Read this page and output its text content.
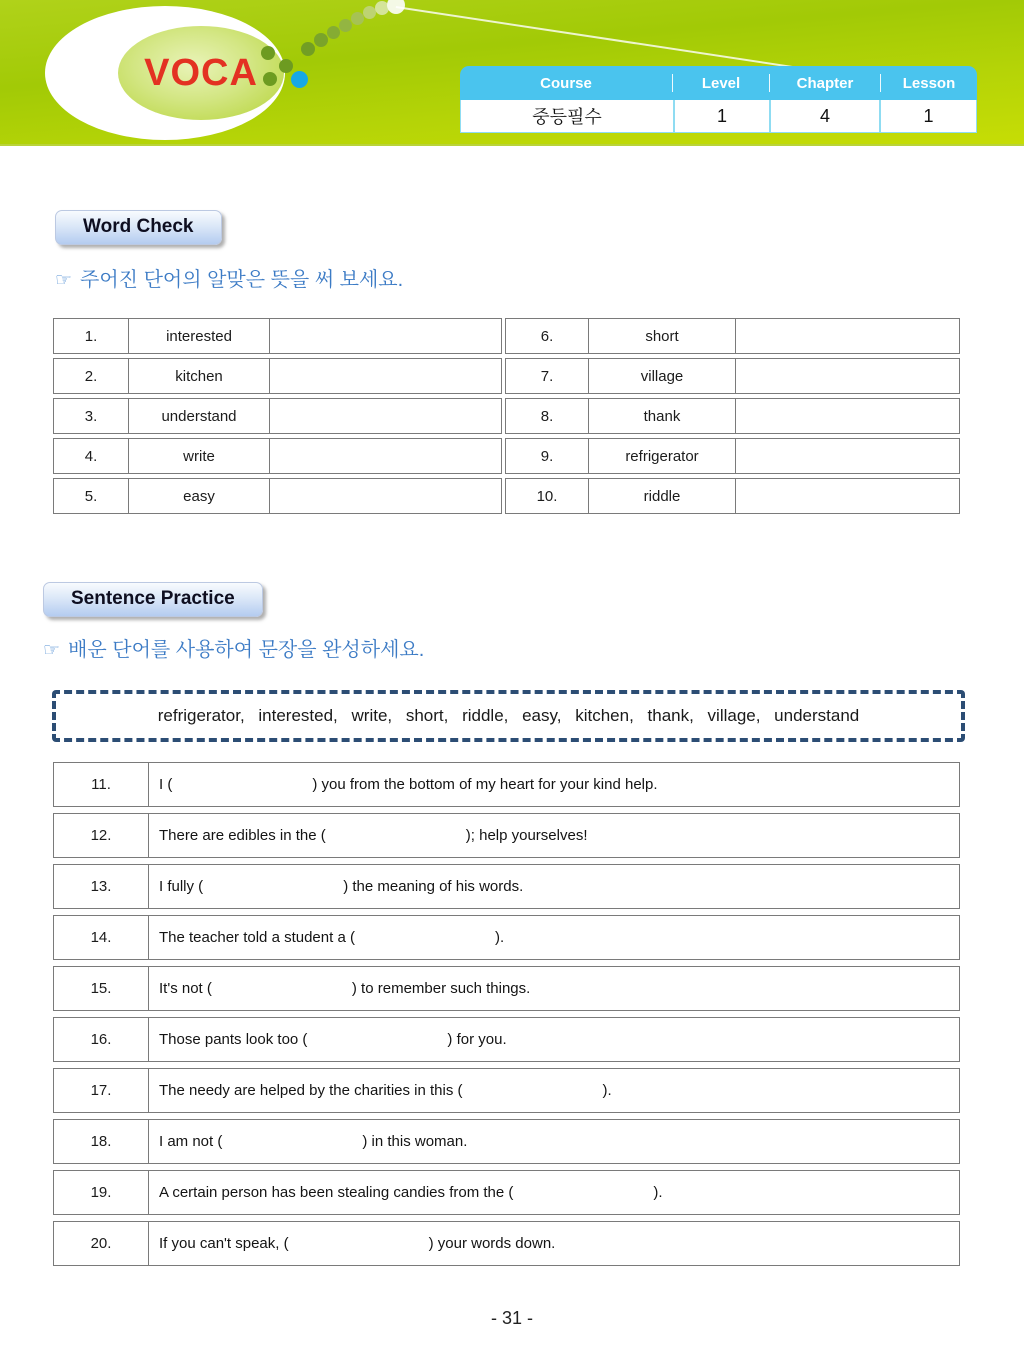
VOCA	Course	Level	Chapter	Lesson
중등필수	1	4	1
Word Check
☞ 주어진 단어의 알맞은 뜻을 써 보세요.
1.	interested	6.	short
2.	kitchen	7.	village
3.	understand	8.	thank
4.	write	9.	refrigerator
5.	easy	10.	riddle
Sentence Practice
☞ 배운 단어를 사용하여 문장을 완성하세요.
refrigerator, interested, write, short, riddle, easy, kitchen, thank, village, understand
11.	I (	) you from the bottom of my heart for your kind help.
12.	There are edibles in the (	); help yourselves!
13.	I fully (	) the meaning of his words.
14.	The teacher told a student a (	).
15.	It's not (	) to remember such things.
16.	Those pants look too (	) for you.
17.	The needy are helped by the charities in this (	).
18.	I am not (	) in this woman.
19.	A certain person has been stealing candies from the (	).
20.	If you can't speak, (	) your words down.
- 31 -
